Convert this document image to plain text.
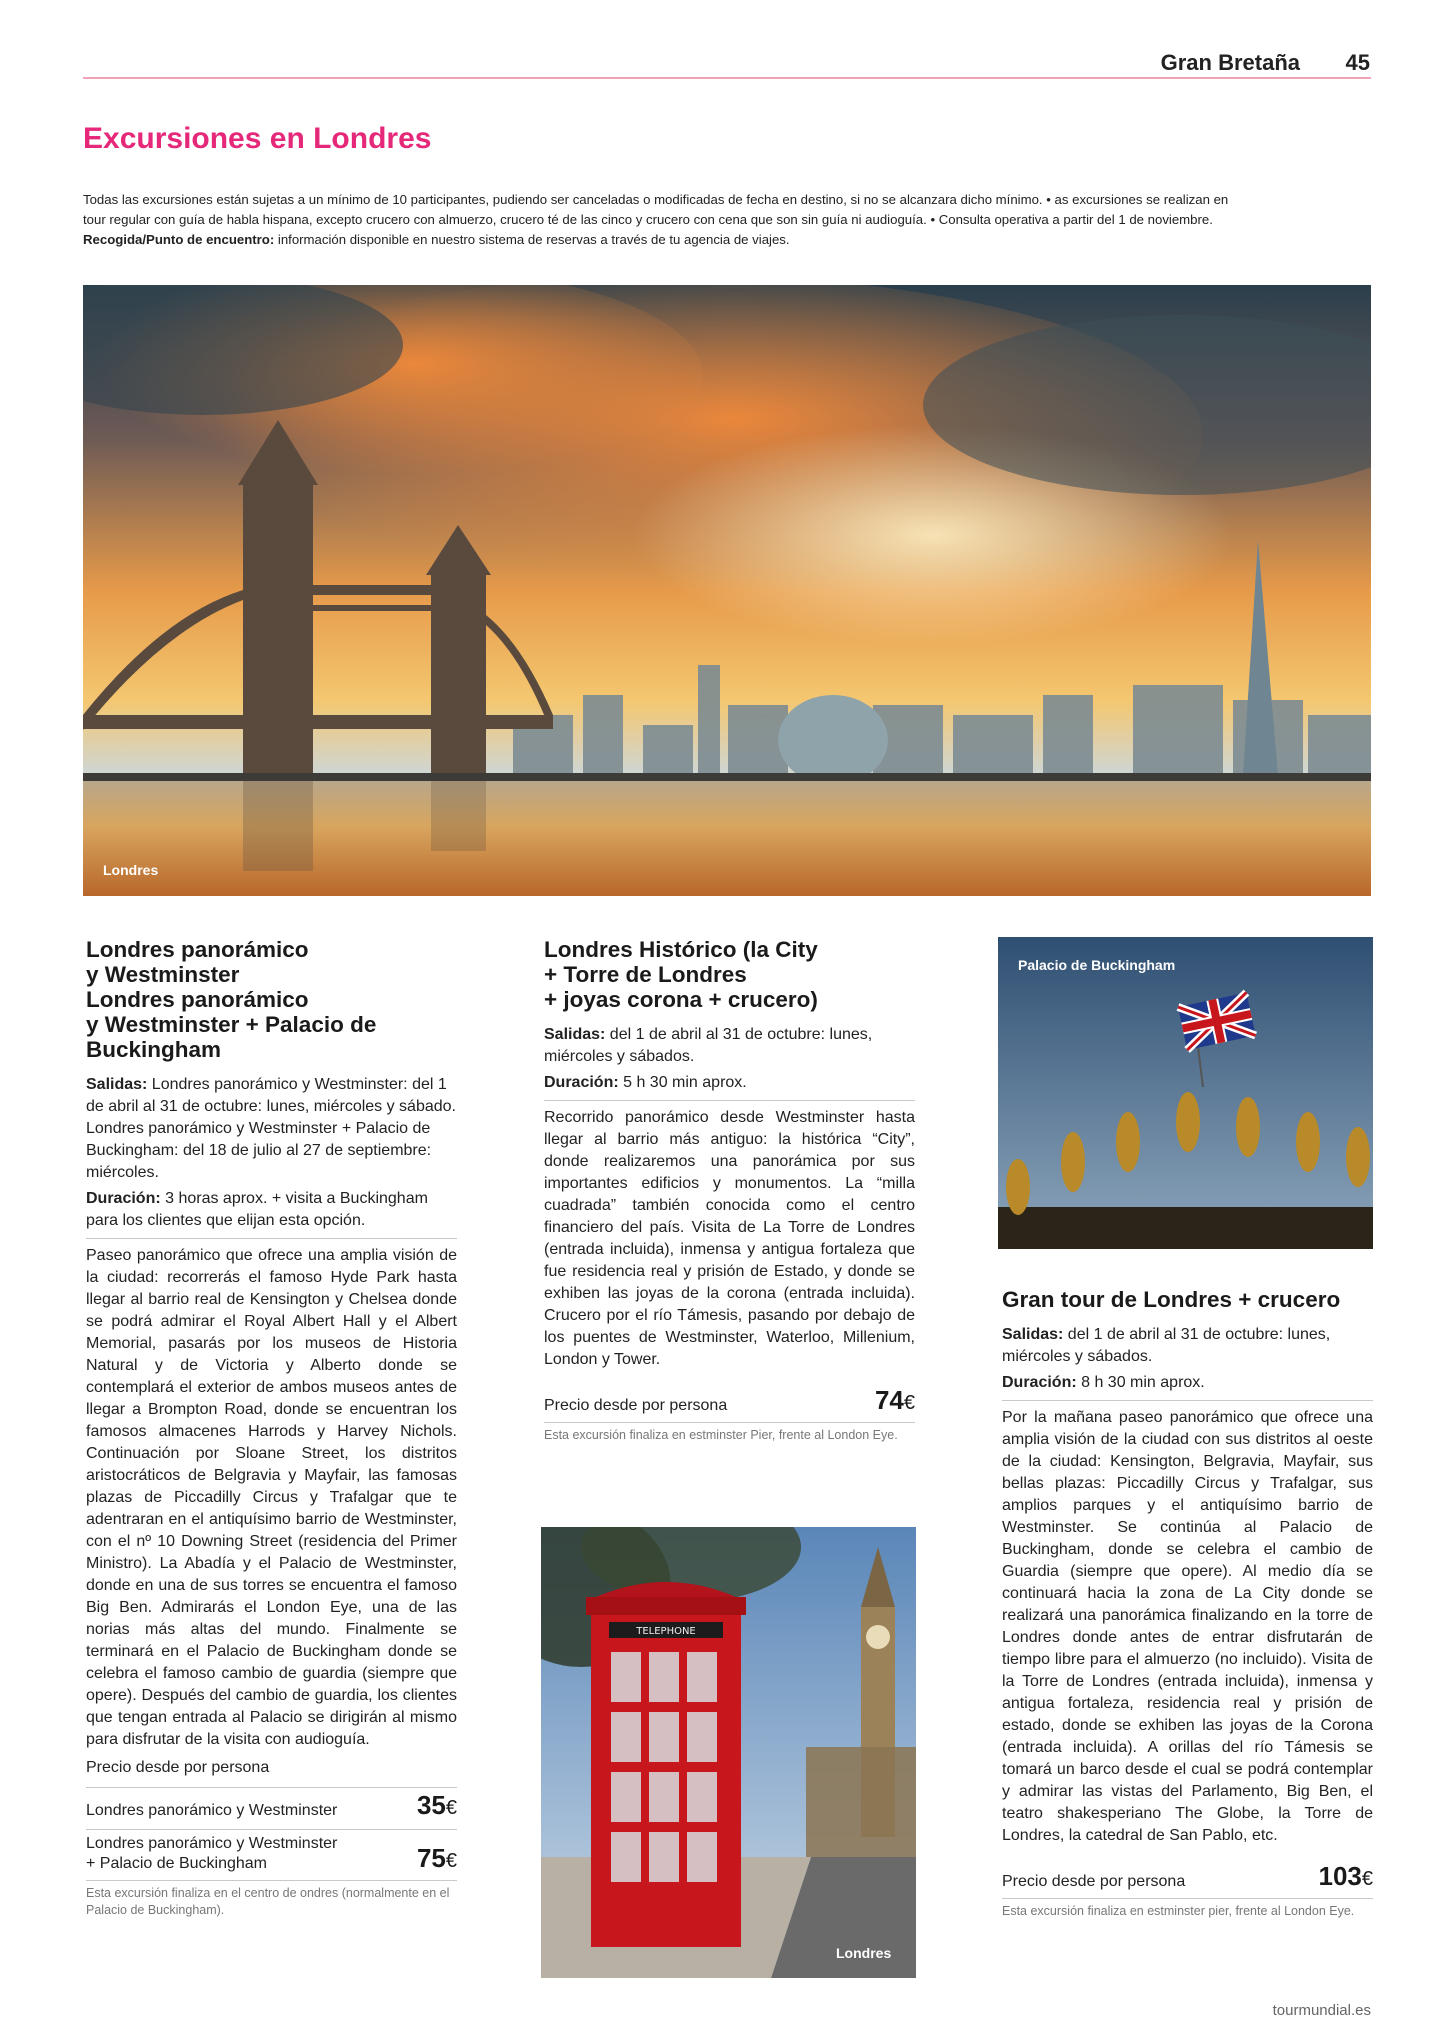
Gran Bretaña	45
Excursiones en Londres
Todas las excursiones están sujetas a un mínimo de 10 participantes, pudiendo ser canceladas o modificadas de fecha en destino, si no se alcanzara dicho mínimo. • as excursiones se realizan en
tour regular con guía de habla hispana, excepto crucero con almuerzo, crucero té de las cinco y crucero con cena que son sin guía ni audioguía. • Consulta operativa a partir del 1 de noviembre.
Recogida/Punto de encuentro: información disponible en nuestro sistema de reservas a través de tu agencia de viajes.
Londres
Londres panorámico
y Westminster
Londres panorámico
y Westminster + Palacio de
Buckingham

Salidas: Londres panorámico y Westminster: del 1 de abril al 31 de octubre: lunes, miércoles y sábado. Londres panorámico y Westminster + Palacio de Buckingham: del 18 de julio al 27 de septiembre: miércoles.

Duración: 3 horas aprox. + visita a Buckingham para los clientes que elijan esta opción.

Paseo panorámico que ofrece una amplia visión de la ciudad: recorrerás el famoso Hyde Park hasta llegar al barrio real de Kensington y Chelsea donde se podrá admirar el Royal Albert Hall y el Albert Memorial, pasarás por los museos de Historia Natural y de Victoria y Alberto donde se contemplará el exterior de ambos museos antes de llegar a Brompton Road, donde se encuentran los famosos almacenes Harrods y Harvey Nichols. Continuación por Sloane Street, los distritos aristocráticos de Belgravia y Mayfair, las famosas plazas de Piccadilly Circus y Trafalgar que te adentraran en el antiquísimo barrio de Westminster, con el nº 10 Downing Street (residencia del Primer Ministro). La Abadía y el Palacio de Westminster, donde en una de sus torres se encuentra el famoso Big Ben. Admirarás el London Eye, una de las norias más altas del mundo. Finalmente se terminará en el Palacio de Buckingham donde se celebra el famoso cambio de guardia (siempre que opere). Después del cambio de guardia, los clientes que tengan entrada al Palacio se dirigirán al mismo para disfrutar de la visita con audioguía.

Precio desde por persona

Londres panorámico y Westminster	35€
Londres panorámico y Westminster
+ Palacio de Buckingham	75€
Esta excursión finaliza en el centro de ondres (normalmente en el Palacio de Buckingham).
Londres Histórico (la City
+ Torre de Londres
+ joyas corona + crucero)

Salidas: del 1 de abril al 31 de octubre: lunes, miércoles y sábados.

Duración: 5 h 30 min aprox.

Recorrido panorámico desde Westminster hasta llegar al barrio más antiguo: la histórica “City”, donde realizaremos una panorámica por sus importantes edificios y monumentos. La “milla cuadrada” también conocida como el centro financiero del país. Visita de La Torre de Londres (entrada incluida), inmensa y antigua fortaleza que fue residencia real y prisión de Estado, y donde se exhiben las joyas de la corona (entrada incluida). Crucero por el río Támesis, pasando por debajo de los puentes de Westminster, Waterloo, Millenium, London y Tower.

Precio desde por persona	74€
Esta excursión finaliza en estminster Pier, frente al London Eye.
TELEPHONE
Londres
Palacio de Buckingham
Gran tour de Londres + crucero

Salidas: del 1 de abril al 31 de octubre: lunes, miércoles y sábados.

Duración: 8 h 30 min aprox.

Por la mañana paseo panorámico que ofrece una amplia visión de la ciudad con sus distritos al oeste de la ciudad: Kensington, Belgravia, Mayfair, sus bellas plazas: Piccadilly Circus y Trafalgar, sus amplios parques y el antiquísimo barrio de Westminster. Se continúa al Palacio de Buckingham, donde se celebra el cambio de Guardia (siempre que opere). Al medio día se continuará hacia la zona de La City donde se realizará una panorámica finalizando en la torre de Londres donde antes de entrar disfrutarán de tiempo libre para el almuerzo (no incluido). Visita de la Torre de Londres (entrada incluida), inmensa y antigua fortaleza, residencia real y prisión de estado, donde se exhiben las joyas de la Corona (entrada incluida). A orillas del río Támesis se tomará un barco desde el cual se podrá contemplar y admirar las vistas del Parlamento, Big Ben, el teatro shakesperiano The Globe, la Torre de Londres, la catedral de San Pablo, etc.

Precio desde por persona	103€
Esta excursión finaliza en estminster pier, frente al London Eye.
tourmundial.es
